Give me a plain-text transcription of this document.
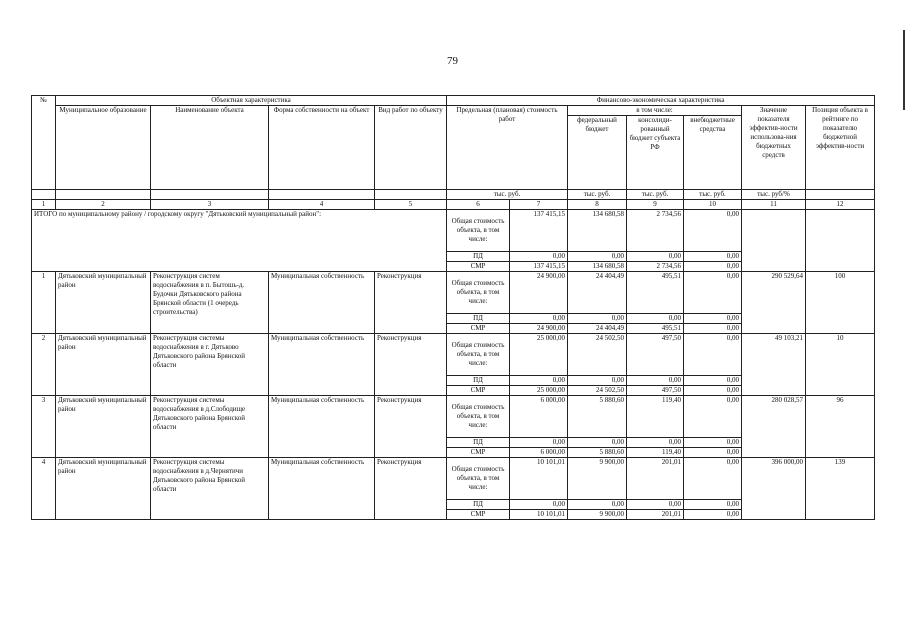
79
№	Объектная характеристика				Финансово-экономическая характеристика						
	Муниципальное образование	Наименование объекта	Форма собственности на объект	Вид работ по объекту	Предельная (плановая) стоимость работ		в том числе:			Значение показателя эффектив-ности использова-ния бюджетных средств	Позиция объекта в рейтинге по показателю бюджетной эффектив-ности
							федеральный бюджет	консолиди-рованный бюджет субъекта РФ	внебюджетные средства		
					тыс. руб.		тыс. руб.	тыс. руб.	тыс. руб.	тыс. руб/%	
1	2	3	4	5	6	7	8	9	10	11	12
ИТОГО по муниципальному району / городскому округу "Дятьковский муниципальный район":					Общая стоимость объекта, в том числе:	137 415,15	134 680,58	2 734,56	0,00		
					ПД	0,00	0,00	0,00	0,00		
					СМР	137 415,15	134 680,58	2 734,56	0,00		
1	Дятьковский муниципальный район	Реконструкция систем водоснабжения в п. Бытошь-д. Будочки Дятьковского района Брянской области (1 очередь строительства)	Муниципальная собственность	Реконструкция	Общая стоимость объекта, в том числе:	24 900,00	24 404,49	495,51	0,00	290 529,64	100
					ПД	0,00	0,00	0,00	0,00		
					СМР	24 900,00	24 404,49	495,51	0,00		
2	Дятьковский муниципальный район	Реконструкция системы водоснабжения в г. Дятьково Дятьковского района Брянской области	Муниципальная собственность	Реконструкция	Общая стоимость объекта, в том числе:	25 000,00	24 502,50	497,50	0,00	49 103,21	10
					ПД	0,00	0,00	0,00	0,00		
					СМР	25 000,00	24 502,50	497,50	0,00		
3	Дятьковский муниципальный район	Реконструкция системы водоснабжения в д.Слободище Дятьковского района Брянской области	Муниципальная собственность	Реконструкция	Общая стоимость объекта, в том числе:	6 000,00	5 880,60	119,40	0,00	280 028,57	96
					ПД	0,00	0,00	0,00	0,00		
					СМР	6 000,00	5 880,60	119,40	0,00		
4	Дятьковский муниципальный район	Реконструкция системы водоснабжения в д.Чернятичи Дятьковского района Брянской области	Муниципальная собственность	Реконструкция	Общая стоимость объекта, в том числе:	10 101,01	9 900,00	201,01	0,00	396 000,00	139
					ПД	0,00	0,00	0,00	0,00		
					СМР	10 101,01	9 900,00	201,01	0,00		
